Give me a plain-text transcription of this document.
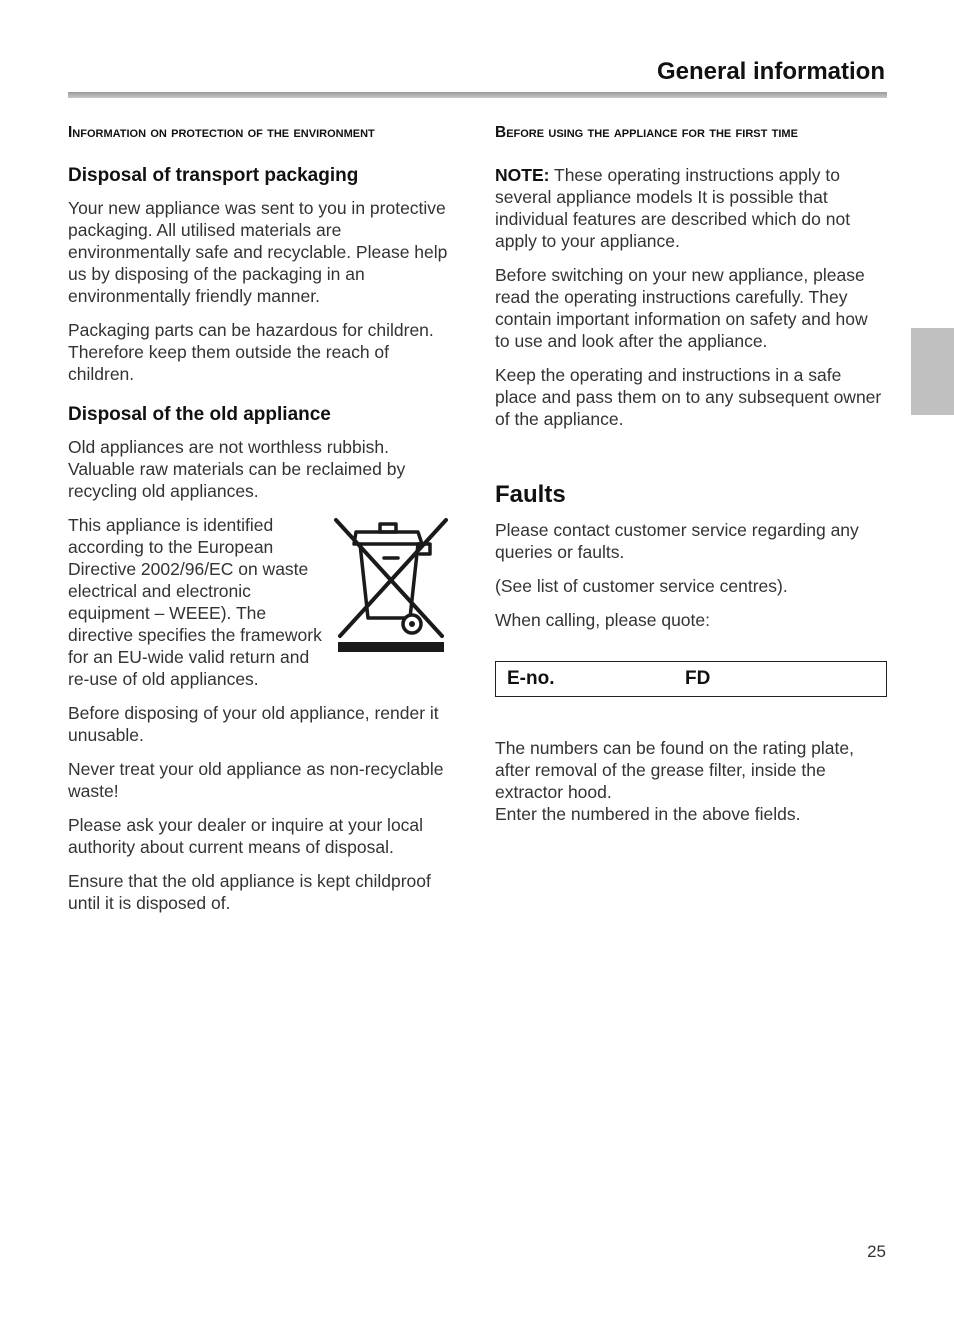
General information
Information on protection of the environment
Disposal of transport packaging

Your new appliance was sent to you in protective packaging. All utilised materials are environmentally safe and recyclable. Please help us by disposing of the packaging in an environmentally friendly manner.

Packaging parts can be hazardous for children. Therefore keep them outside the reach of children.

Disposal of the old appliance

Old appliances are not worthless rubbish. Valuable raw materials can be reclaimed by recycling old appliances.

This appliance is identified according to the European Directive 2002/96/EC on waste electrical and electronic equipment – WEEE). The directive specifies the framework for an EU-wide valid return and re-use of old appliances.

Before disposing of your old appliance, render it unusable.

Never treat your old appliance as non-recyclable waste!

Please ask your dealer or inquire at your local authority about current means of disposal.

Ensure that the old appliance is kept childproof until it is disposed of.

Before using the appliance for the first time

NOTE: These operating instructions apply to several appliance models It is possible that individual features are described which do not apply to your appliance.

Before switching on your new appliance, please read the operating instructions carefully. They contain important information on safety and how to use and look after the appliance.

Keep the operating and instructions in a safe place and pass them on to any subsequent owner of the appliance.

Faults

Please contact customer service regarding any queries or faults.

(See list of customer service centres).

When calling, please quote:

E-no.	FD

The numbers can be found on the rating plate, after removal of the grease filter, inside the extractor hood.

Enter the numbered in the above fields.

25
